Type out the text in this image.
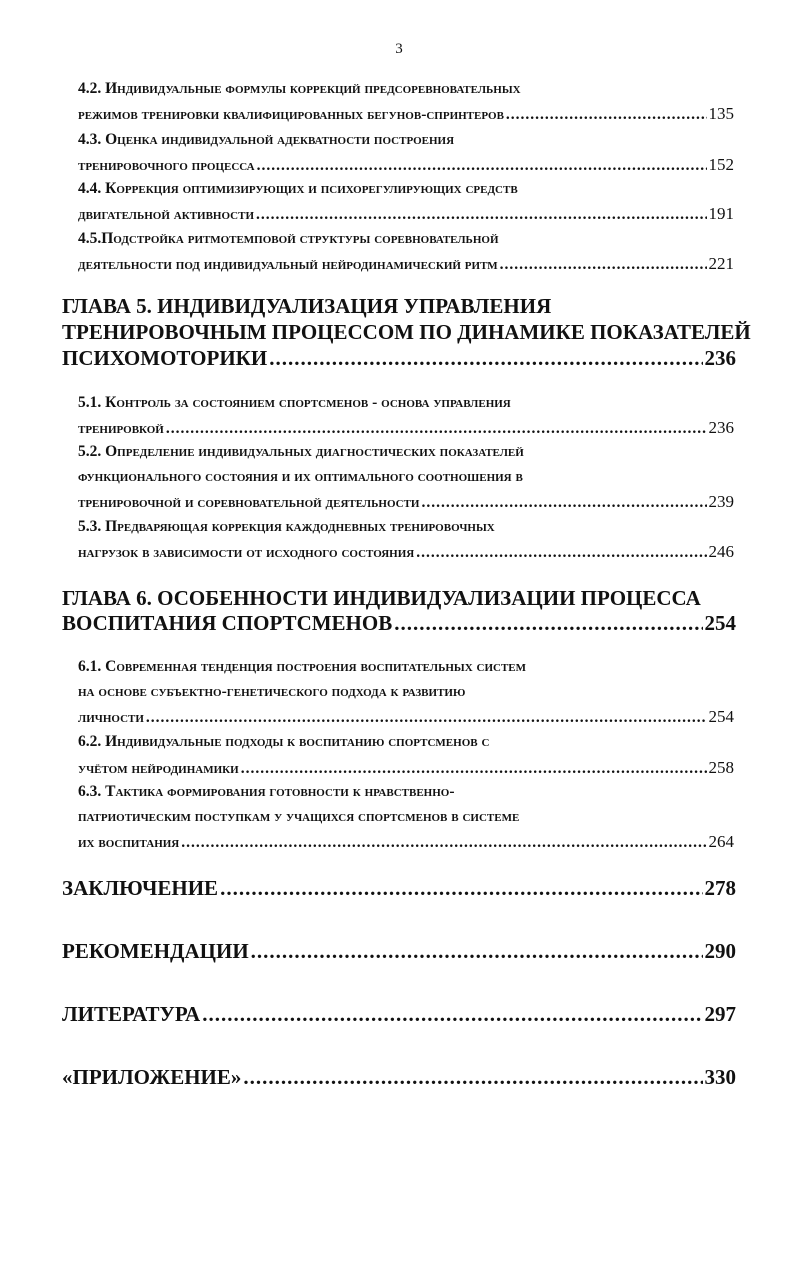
3
4.2. Индивидуальные формулы коррекций предсоревновательных
режимов тренировки квалифицированных бегунов-спринтеров .....	135
4.3. Оценка индивидуальной адекватности построения
тренировочного процесса .....	152
4.4. Коррекция оптимизирующих и психорегулирующих средств
двигательной активности .....	191
4.5.Подстройка ритмотемповой структуры соревновательной
деятельности под индивидуальный нейродинамический ритм .....	221
ГЛАВА 5. ИНДИВИДУАЛИЗАЦИЯ УПРАВЛЕНИЯ
ТРЕНИРОВОЧНЫМ ПРОЦЕССОМ ПО ДИНАМИКЕ ПОКАЗАТЕЛЕЙ
ПСИХОМОТОРИКИ .....	236
5.1. Контроль за состоянием спортсменов - основа управления
тренировкой .....	236
5.2. Определение индивидуальных диагностических показателей
функционального состояния и их оптимального соотношения в
тренировочной и соревновательной деятельности .....	239
5.3. Предваряющая коррекция каждодневных тренировочных
нагрузок в зависимости от исходного состояния .....	246
ГЛАВА 6. ОСОБЕННОСТИ ИНДИВИДУАЛИЗАЦИИ ПРОЦЕССА
ВОСПИТАНИЯ СПОРТСМЕНОВ .....	254
6.1. Современная тенденция построения воспитательных систем
на основе субъектно-генетического подхода к развитию
личности .....	254
6.2. Индивидуальные подходы к воспитанию спортсменов с
учётом нейродинамики .....	258
6.3. Тактика формирования готовности к нравственно-
патриотическим поступкам у учащихся спортсменов в системе
их воспитания .....	264
ЗАКЛЮЧЕНИЕ .....	278
РЕКОМЕНДАЦИИ .....	290
ЛИТЕРАТУРА .....	297
«ПРИЛОЖЕНИЕ» .....	330
